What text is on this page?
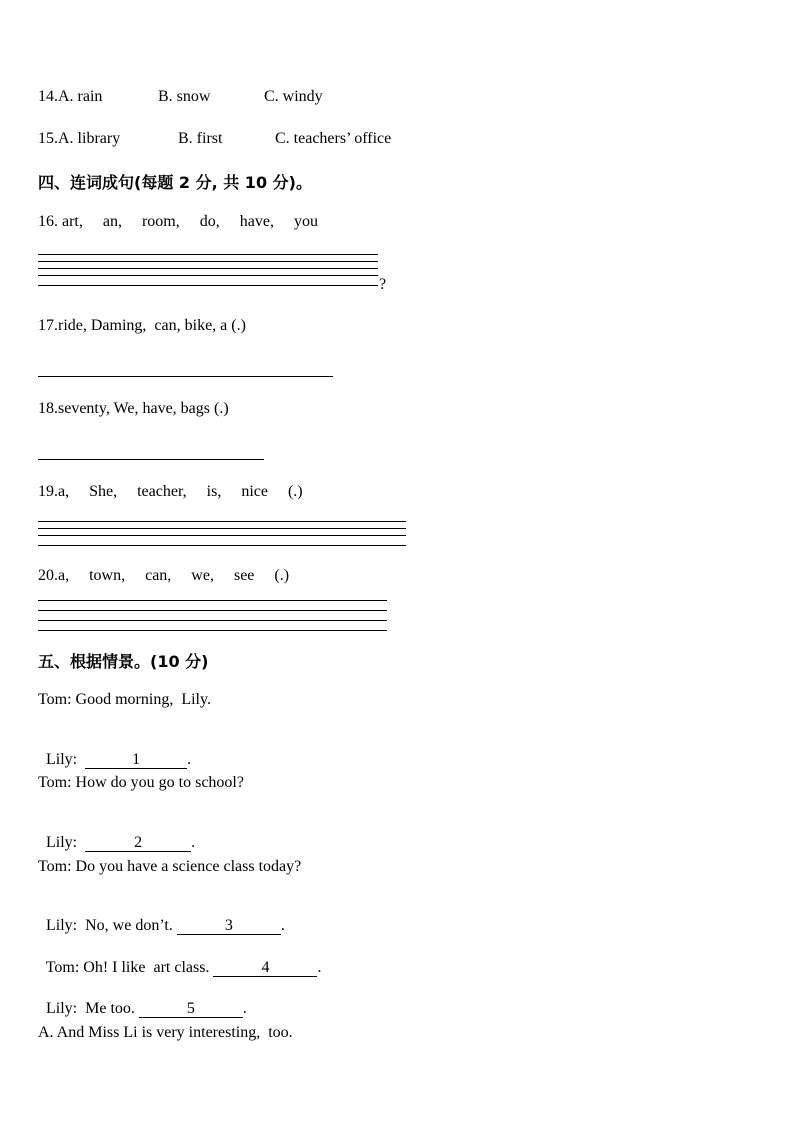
14.A. rain	B. snow	C. windy
15.A. library	B. first	C. teachers’ office
四、连词成句(每题 2 分, 共 10 分)。
16. art,     an,     room,     do,     have,     you
?
17.ride, Daming,  can, bike, a (.)
18.seventy, We, have, bags (.)
19.a,     She,     teacher,     is,     nice     (.)
20.a,     town,     can,     we,     see     (.)
五、根据情景。(10 分)
Tom: Good morning,  Lily.

Lily:	1	.

Tom: How do you go to school?

Lily:	2	.

Tom: Do you have a science class today?

Lily:  No, we don’t.	3	.

Tom: Oh! I like  art class.	4	.

Lily:  Me too.	5	.

A. And Miss Li is very interesting,  too.
